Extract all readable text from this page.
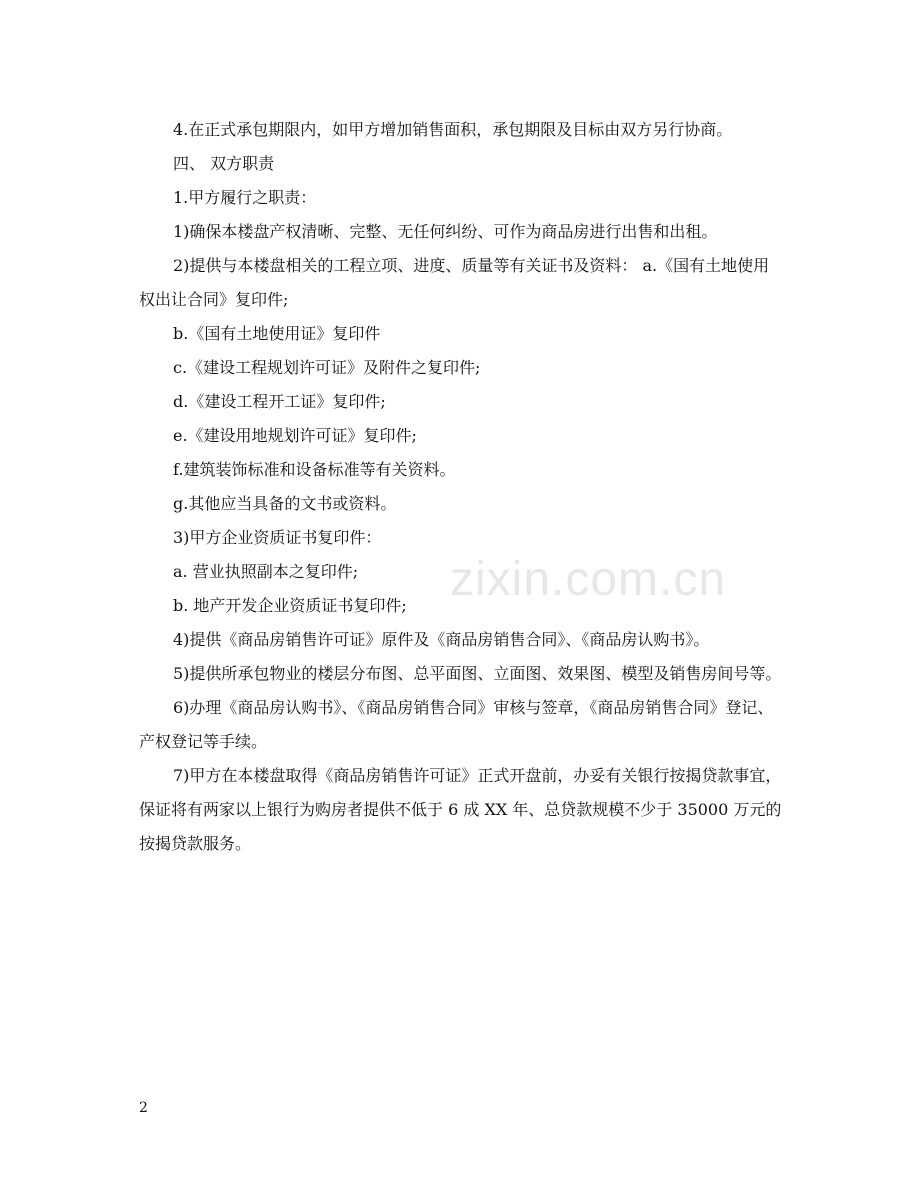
4.在正式承包期限内，如甲方增加销售面积，承包期限及目标由双方另行协商。

四、 双方职责

1.甲方履行之职责：

1)确保本楼盘产权清晰、完整、无任何纠纷、可作为商品房进行出售和出租。

2)提供与本楼盘相关的工程立项、进度、质量等有关证书及资料： a.《国有土地使用权出让合同》复印件;

b.《国有土地使用证》复印件

c.《建设工程规划许可证》及附件之复印件;

d.《建设工程开工证》复印件;

e.《建设用地规划许可证》复印件;

f.建筑装饰标准和设备标准等有关资料。

g.其他应当具备的文书或资料。

3)甲方企业资质证书复印件：

a. 营业执照副本之复印件;

b. 地产开发企业资质证书复印件;

4)提供《商品房销售许可证》原件及《商品房销售合同》、《商品房认购书》。

5)提供所承包物业的楼层分布图、总平面图、立面图、效果图、模型及销售房间号等。

6)办理《商品房认购书》、《商品房销售合同》审核与签章，《商品房销售合同》登记、产权登记等手续。

7)甲方在本楼盘取得《商品房销售许可证》正式开盘前，办妥有关银行按揭贷款事宜，保证将有两家以上银行为购房者提供不低于 6 成 XX 年、总贷款规模不少于 35000 万元的按揭贷款服务。

zixin.com.cn
2
